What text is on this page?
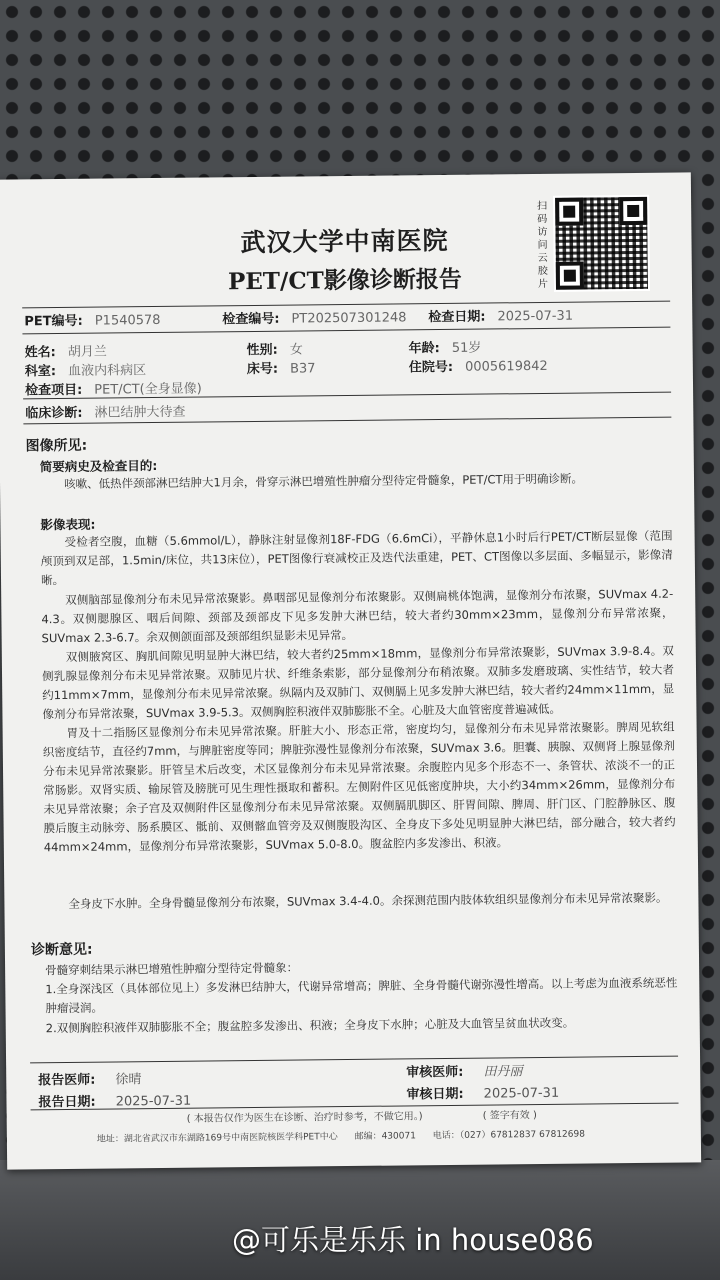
武汉大学中南医院
PET/CT影像诊断报告
扫码访问云胶片
PET编号: P1540578	检查编号: PT202507301248 检查日期: 2025-07-31
姓名: 胡月兰	性别: 女	年龄: 51岁
科室: 血液内科病区	床号: B37	住院号: 0005619842
检查项目: PET/CT(全身显像)
临床诊断: 淋巴结肿大待查
图像所见:
简要病史及检查目的:
咳嗽、低热伴颈部淋巴结肿大1月余，骨穿示淋巴增殖性肿瘤分型待定骨髓象，PET/CT用于明确诊断。
影像表现:
受检者空腹，血糖（5.6mmol/L），静脉注射显像剂18F-FDG（6.6mCi），平静休息1小时后行PET/CT断层显像（范围颅顶到双足部，1.5min/床位，共13床位），PET图像行衰减校正及迭代法重建，PET、CT图像以多层面、多幅显示，影像清晰。
双侧脑部显像剂分布未见异常浓聚影。鼻咽部见显像剂分布浓聚影。双侧扁桃体饱满，显像剂分布浓聚，SUVmax 4.2-4.3。双侧腮腺区、咽后间隙、颈部及颈部皮下见多发肿大淋巴结，较大者约30mm×23mm，显像剂分布异常浓聚，SUVmax 2.3-6.7。余双侧颌面部及颈部组织显影未见异常。
双侧腋窝区、胸肌间隙见明显肿大淋巴结，较大者约25mm×18mm，显像剂分布异常浓聚影，SUVmax 3.9-8.4。双侧乳腺显像剂分布未见异常浓聚。双肺见片状、纤维条索影，部分显像剂分布稍浓聚。双肺多发磨玻璃、实性结节，较大者约11mm×7mm，显像剂分布未见异常浓聚。纵隔内及双肺门、双侧膈上见多发肿大淋巴结，较大者约24mm×11mm，显像剂分布异常浓聚，SUVmax 3.9-5.3。双侧胸腔积液伴双肺膨胀不全。心脏及大血管密度普遍减低。
胃及十二指肠区显像剂分布未见异常浓聚。肝脏大小、形态正常，密度均匀，显像剂分布未见异常浓聚影。脾周见软组织密度结节，直径约7mm，与脾脏密度等同；脾脏弥漫性显像剂分布浓聚，SUVmax 3.6。胆囊、胰腺、双侧肾上腺显像剂分布未见异常浓聚影。肝管呈术后改变，术区显像剂分布未见异常浓聚。余腹腔内见多个形态不一、条管状、浓淡不一的正常肠影。双肾实质、输尿管及膀胱可见生理性摄取和蓄积。左侧附件区见低密度肿块，大小约34mm×26mm，显像剂分布未见异常浓聚；余子宫及双侧附件区显像剂分布未见异常浓聚。双侧膈肌脚区、肝胃间隙、脾周、肝门区、门腔静脉区、腹膜后腹主动脉旁、肠系膜区、骶前、双侧髂血管旁及双侧腹股沟区、全身皮下多处见明显肿大淋巴结，部分融合，较大者约44mm×24mm，显像剂分布异常浓聚影，SUVmax 5.0-8.0。腹盆腔内多发渗出、积液。
全身皮下水肿。全身骨髓显像剂分布浓聚，SUVmax 3.4-4.0。余探测范围内肢体软组织显像剂分布未见异常浓聚影。
诊断意见:
骨髓穿刺结果示淋巴增殖性肿瘤分型待定骨髓象：
1.全身深浅区（具体部位见上）多发淋巴结肿大，代谢异常增高；脾脏、全身骨髓代谢弥漫性增高。以上考虑为血液系统恶性肿瘤浸润。
2.双侧胸腔积液伴双肺膨胀不全；腹盆腔多发渗出、积液；全身皮下水肿；心脏及大血管呈贫血状改变。
报告医师: 徐晴	审核医师: 田丹丽
报告日期: 2025-07-31	审核日期: 2025-07-31
( 本报告仅作为医生在诊断、治疗时参考，不做它用。)	( 签字有效 )
地址：湖北省武汉市东湖路169号中南医院核医学科PET中心 邮编：430071 电话：（027）67812837 67812698
@可乐是乐乐 in house086
